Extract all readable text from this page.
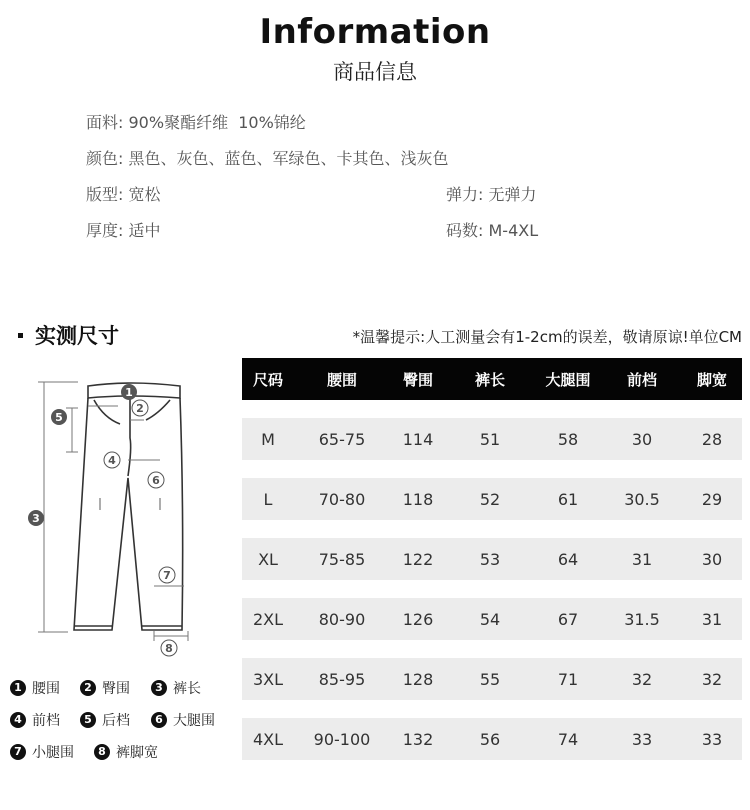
Information
商品信息
面料: 90%聚酯纤维  10%锦纶
颜色: 黑色、灰色、蓝色、军绿色、卡其色、浅灰色
版型: 宽松	弹力: 无弹力
厚度: 适中	码数: M-4XL
实测尺寸	*温馨提示:人工测量会有1-2cm的误差，敬请原谅!单位CM
尺码	腰围	臀围	裤长	大腿围	前档	脚宽
M	65-75	114	51	58	30	28
L	70-80	118	52	61	30.5	29
XL	75-85	122	53	64	31	30
2XL	80-90	126	54	67	31.5	31
3XL	85-95	128	55	71	32	32
4XL	90-100	132	56	74	33	33
1
2
3
4
5
6
7
8
1 腰围	2 臀围	3 裤长
4 前档	5 后档	6 大腿围
7 小腿围	8 裤脚宽
